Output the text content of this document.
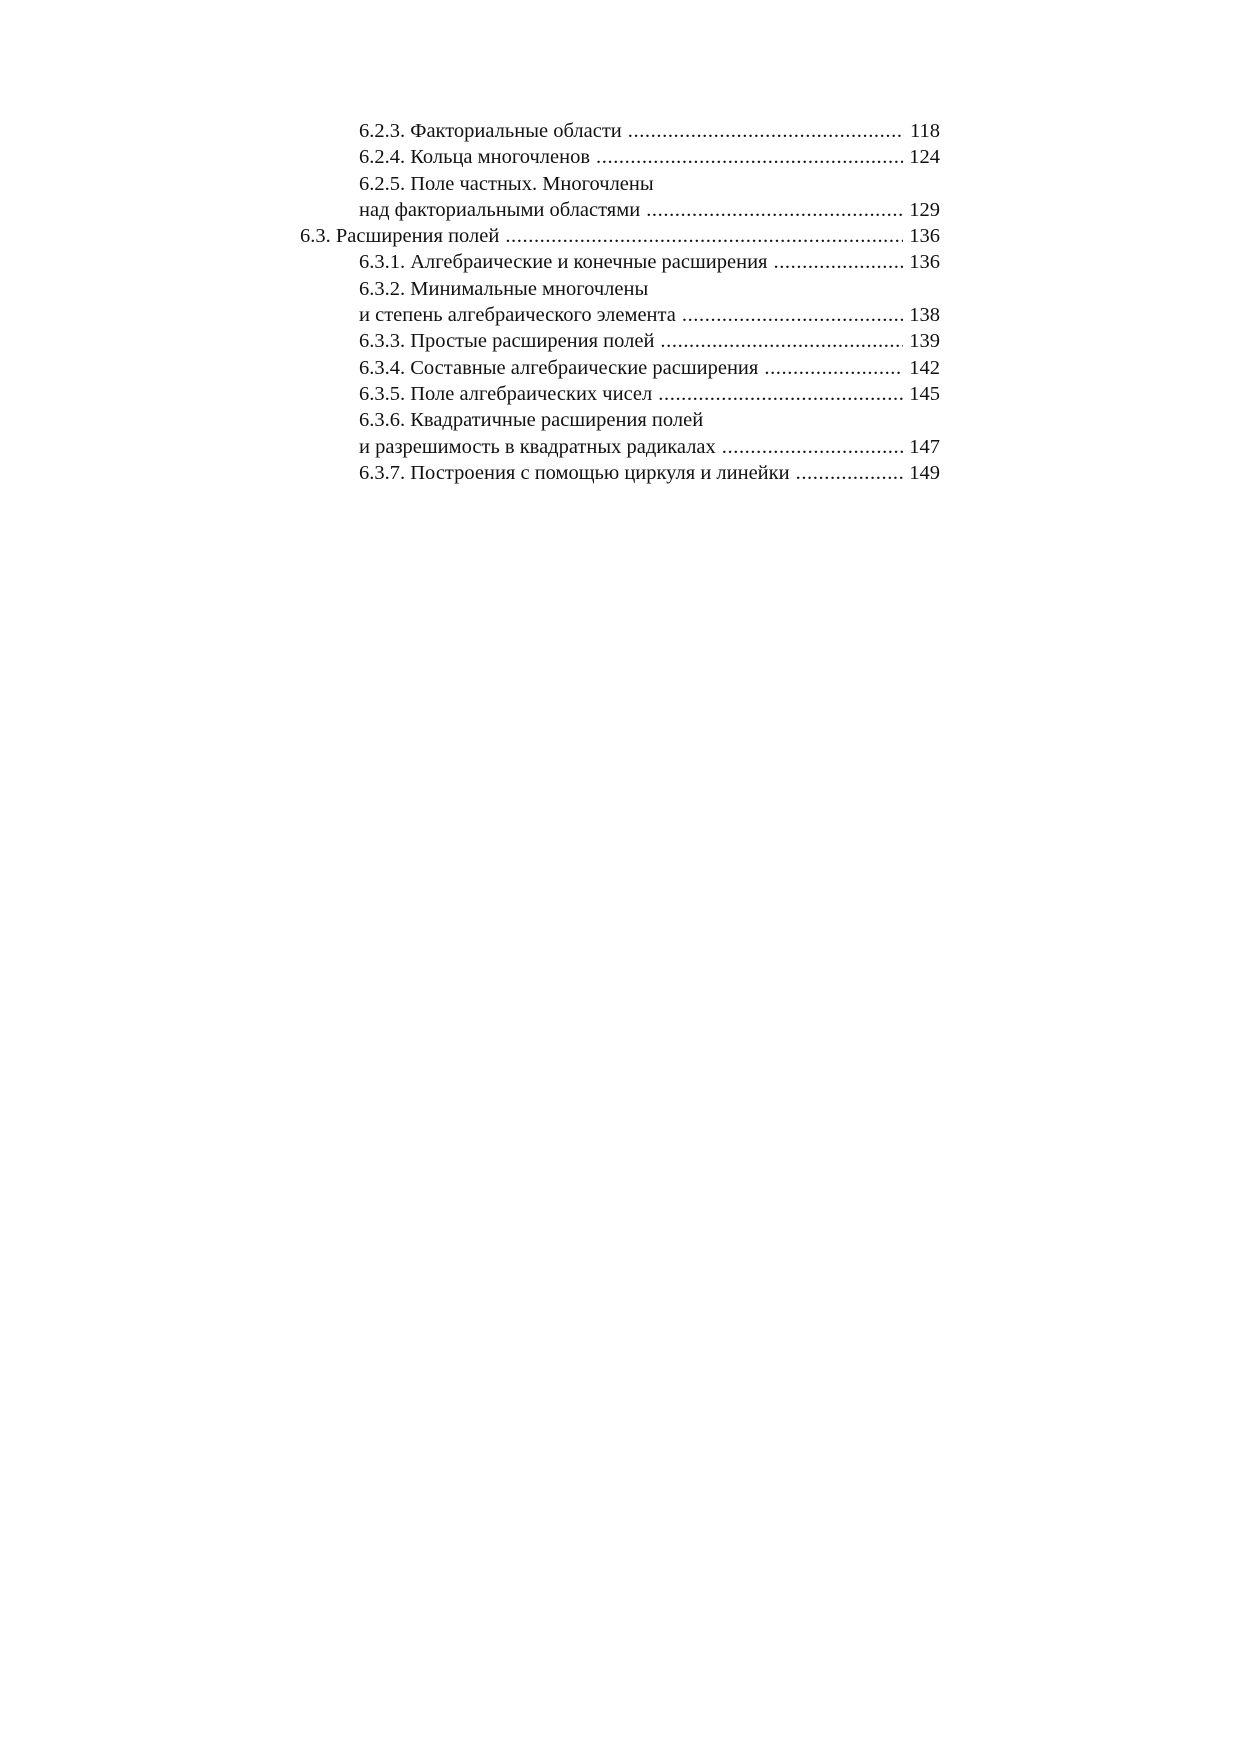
6.2.3. Факториальные области .....	118
6.2.4. Кольца многочленов .....	124
6.2.5. Поле частных. Многочлены
над факториальными областями .....	129
6.3. Расширения полей .....	136
6.3.1. Алгебраические и конечные расширения .....	136
6.3.2. Минимальные многочлены
и степень алгебраического элемента .....	138
6.3.3. Простые расширения полей .....	139
6.3.4. Составные алгебраические расширения .....	142
6.3.5. Поле алгебраических чисел .....	145
6.3.6. Квадратичные расширения полей
и разрешимость в квадратных радикалах .....	147
6.3.7. Построения с помощью циркуля и линейки .....	149
